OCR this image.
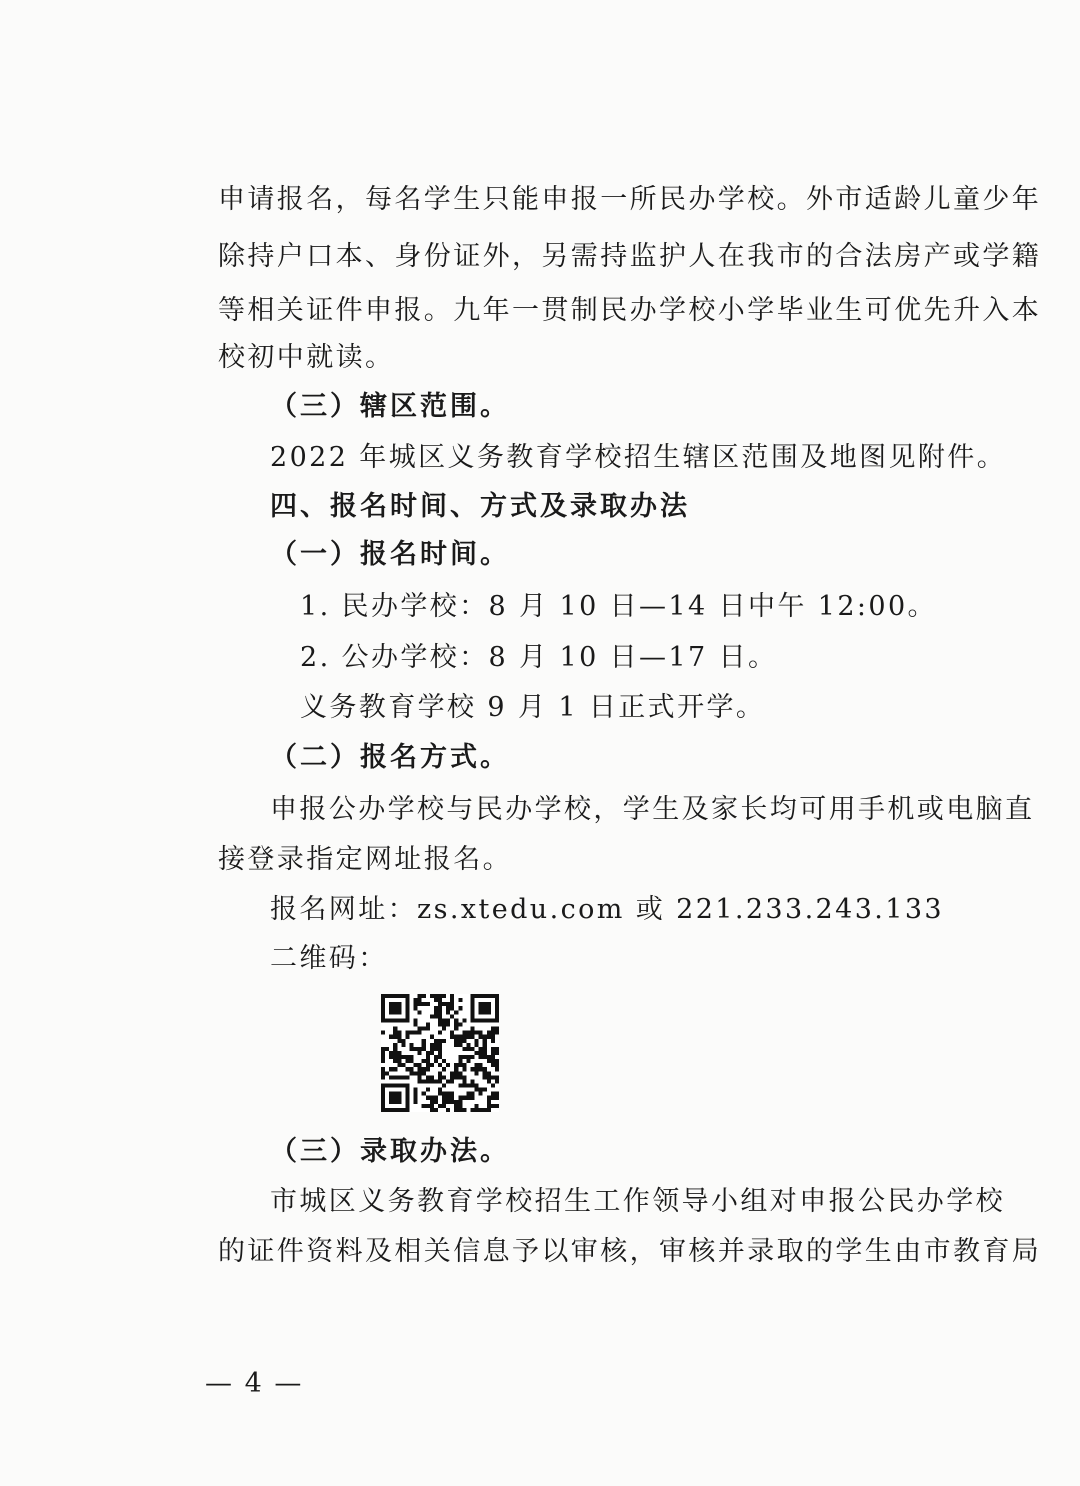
申请报名，每名学生只能申报一所民办学校。外市适龄儿童少年
除持户口本、身份证外，另需持监护人在我市的合法房产或学籍
等相关证件申报。九年一贯制民办学校小学毕业生可优先升入本
校初中就读。
（三）辖区范围。
2022 年城区义务教育学校招生辖区范围及地图见附件。
四、报名时间、方式及录取办法
（一）报名时间。
1. 民办学校：8 月 10 日—14 日中午 12:00。
2. 公办学校：8 月 10 日—17 日。
义务教育学校 9 月 1 日正式开学。
（二）报名方式。
申报公办学校与民办学校，学生及家长均可用手机或电脑直
接登录指定网址报名。
报名网址：zs.xtedu.com 或 221.233.243.133
二维码：
（三）录取办法。
市城区义务教育学校招生工作领导小组对申报公民办学校
的证件资料及相关信息予以审核，审核并录取的学生由市教育局
— 4 —
